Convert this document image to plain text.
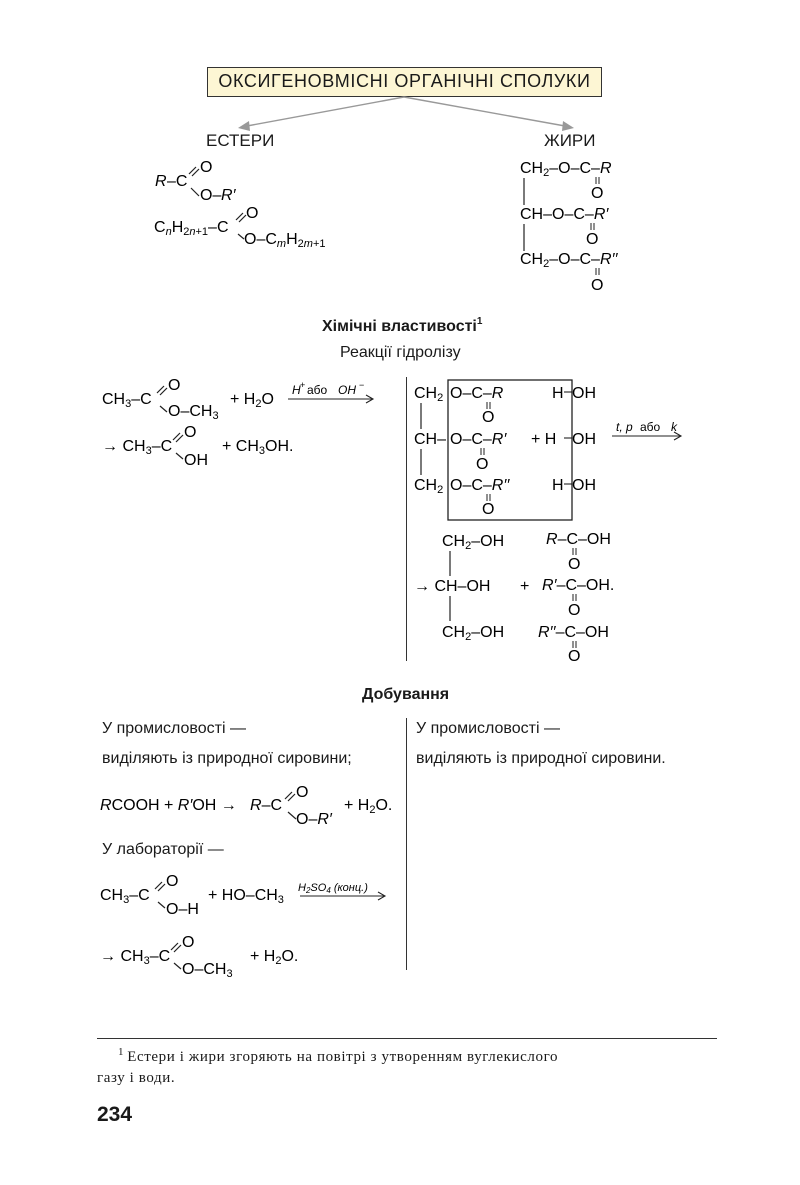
ОКСИГЕНОВМІСНІ ОРГАНІЧНІ СПОЛУКИ
ЕСТЕРИ	ЖИРИ
R –C
O
O– R′
CnH2n+1–C
O
O–CmH2m+1
CH2–O–C–R
O
CH–O–C–R′
O
CH2–O–C–R′′
O
Хімічні властивості$^1$
Реакції гідролізу
CH3–C
O
O–CH3
+ H2O
H + або OH −
→ CH3–C
O
OH
+ CH3OH.
CH2 O–C–R
O
H OH
CH– O–C–R′
O
+ H OH
CH2 O–C–R′′
O
H OH
t, p або k
CH2–OH
→ CH–OH
CH2–OH
+
R–C–OH
O
R′–C–OH.
O
R′′–C–OH
O
Добування
У промисловості —
виділяють із природної сировини;
RCOOH + R′OH → R–C
O
O–R′
+ H2O.
У лабораторії —
CH3–C
O
O–H
+ HO–CH3
H2SO4 (конц.)
→ CH3–C
O
O–CH3
+ H2O.
У промисловості —
виділяють із природної сировини.
$^1$ Естери і жири згоряють на повітрі з утворенням вуглекислого
газу і води.
234
